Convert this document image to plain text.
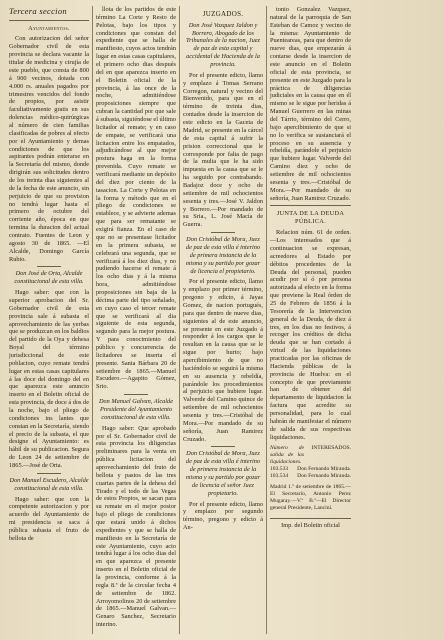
Tercera seccion
Ayuntamientos.

Con autorizacion del señor Gobernador civil de esta provincia se declara vacante la titular de medicina y cirujía de este pueblo, que consta de 800 á 900 vecinos, dotada con 4.000 rs. anuales pagados por trimestres vencidos del fondo de propios, por asistir facultativamente gratis en sus dolencias médico-quirúrgicas al número de cien familias clasificadas de pobres al efecto por el Ayuntamiento y demas condiciones de que los aspirantes podrán enterarse en la Secretaría del mismo, donde dirigirán sus solicitudes dentro de los treinta dias siguientes al de la fecha de este anuncio, sin perjuicio de que su provision no tendrá lugar hasta el primero de octubre del corriente año, época en que termina la duracion del actual contrato. Fuentes de Leon y agosto 30 de 1865. —El Alcalde, Domingo García Rubio.

Don José de Orta, Alcalde constitucional de esta villa.

Hago saber: que con la superior aprobacion del Sr. Gobernador civil de esta provincia sale á subasta el aprovechamiento de las yerbas que se produzcan en los baldios del partido de la Oya y dehesa Boyal del término jurisdiccional de este poblacion, cuyo remate tendrá lugar en estas casas capitulares á las doce del domingo del en que aparezca este anuncio inserto en el Boletin oficial de esta provincia, de doce á dos de la noche, bajo el pliego de condiciones ins lantes que constan en la Secretaría, siendo el precio de la subasta, el que designe el Ayuntamiento: es hábil de su publicacion. Segura de Leon 24 de setiembre de 1865.—José de Orta.

Don Manuel Escudero, Alcalde constitucional de esta villa.

Hago saber: que con la competente autorizacion y por acuerdo del Ayuntamiento de mi presidencia se saca á pública subasta el fruto de bellota de

llota de los partidos de este término La Corte y Resto de Pelotas, bajo los tipos y condiciones que constan del expediente que se halla de manifiesto, cuyos actos tendrán lugar en estas casas capitulares, el primero ocho dias después del en que aparezca inserto en el Boletin oficial de la provincia, á las once de la noche, admitiéndose proposiciones siempre que cubran la cantidad por que sale á subasta, siguiéndose el último licitador al remate; y en caso de empate, se verificará una licitacion entre los empatados, adjudicándose al que mejor postura haga en la forma prevenida. Cuyo remate se verificará mediante un depósito del diez por ciento de la tasacion. La Corte y Pelotas en la forma y método que en el pliego de condiciones se establece, y se advierte ademas que para ser rematante se exigirá fianza. En el caso de que no se presentase licitador en la primera subasta, se celebrará una segunda, que se verificará á los diez dias, y no pudiendo hacerse el remate á los ocho dias y á la misma hora, admitiéndose proposiciones sin baja de la décima parte del tipo señalado, en cuyo caso el tercer remate que se verificará al dia siguiente de esta segunda, segundo para la mejor postura. Y para conocimiento del público y concurrencia de licitadores se inserta el presente. Santa Bárbara 20 de setiembre de 1865.—Manuel Escudero.—Agapito Gómez, Srio.

Don Manuel Galvan, Alcalde Presidente del Ayuntamiento constitucional de esta villa.

Hago saber: Que aprobado por el Sr. Gobernador civil de esta provincia los diligencias preliminares para la venta en pública licitacion del aprovechamiento del fruto de bellota y pastos de las tres cuartas partes de la dehesa del Tirado y el todo de las Vegas de estos Propios, se sacan para su remate en el mejor postor bajo el pliego de condiciones que estará unido á dichos expedientes y que se halla de manifiesto en la Secretaría de este Ayuntamiento, cuyo acto tendrá lugar á los ocho dias del en que aparezca el presente inserto en el Boletin oficial de la provincia, conforme á la regla 8.ª de la circular fecha 4 de setiembre de 1862. Arroyomolinos 20 de setiembre de 1865.—Manuel Galvan.—Genaro Sanchez, Secretario interino.

JUZGADOS.

Don José Vazquez Jaldon y Borrero, Abogado de los Tribunales de la nacion, Juez de paz de esta capital y accidental de Hacienda de la provincia.

Por el presente edicto, llamo y emplazo á Tomas Serrano Corregon, natural y vecino del Bienvenido, para que en el término de treinta dias, contados desde la insercion de este edicto en la Gaceta de Madrid, se presente en la cárcel de esta capital á sufrir la prision correccional que le corresponde por falta de pago de la multa que le ha sido impuesta en la causa que se le ha seguido por contrabando. Badajoz doce y ocho de setiembre de mil ochocientos sesenta y tres.—José V. Jaldon y Borrero.—Por mandado de su Sria., L. José Macía de Guerra.

Don Cristóbal de Mora, Juez de paz de esta villa é interino de primera instancia de la misma y su partido por gozar de licencia el propietario.

Por el presente edicto, llamo y emplazo por primer término, pregono y edicto, á Jayas Gomez, de nacion portugués, para que dentro de nueve dias, siguientes al de este anuncio, se presente en este Juzgado á responder á los cargos que le resultan en la causa que se le sigue por hurto; bajo apercibimiento de que no haciéndolo se seguirá la misma en su ausencia y rebeldía, parándole los procedimientos al perjuicio que hubiere lugar. Valverde del Camino quince de setiembre de mil ochocientos sesenta y tres.—Cristóbal de Mora.—Por mandado de su señoría, Juan Ramirez Cruzado.

Don Cristóbal de Mora, Juez de paz de esta villa é interino de primera instancia de la misma y su partido por gozar de licencia el señor Juez propietario.

Por el presente edicto, llamo y emplazo por segundo término, pregono y edicto á An-

tonio Gonzalez Vazquez, natural de la parroquia de San Esteban de Camoz y vecino de la misma: Ayuntamiento de Puenteareas, para que dentro de nueve dias, que empezarán á contarse desde la insercion de este anuncio en el Boletin oficial de esta provincia, se presente en este Juzgado para la práctica de diligencias judiciales en la causa que en él mismo se le sigue por heridas á Manuel Guerrero en las minas del Tárrio, término del Cerro, bajo apercibimiento de que si no lo verifica se sustanciará el proceso en su ausencia y rebeldía, parándole el perjuicio que hubiere lugar. Valverde del Camino diez y ocho de setiembre de mil ochocientos sesenta y tres.—Cristóbal de Mora.—Por mandado de su señoría, Juan Ramirez Cruzado.

JUNTA DE LA DEUDA PÚBLICA.

Relacion núm. 61 de orden.—Los interesados que á continuacion se expresan, acreedores al Estado por débitos procedentes de la Deuda del personal, pueden acudir por sí ó por persona autorizada al efecto en la forma que previene la Real órden de 25 de Febrero de 1856 á la Tesorería de la Intervencion general de la Deuda, de diez á tres, en los dias no festivos, á recoger los créditos de dicha deuda que se han cortado á virtud de las liquidaciones practicadas por las oficinas de Hacienda públicas de la provincia de Huelva: en el concepto de que previamente han de obtener del departamento de liquidacion la factura que acredite su personalidad, para lo cual habrán de manifestar el número de salida de sus respectivas liquidaciones.

Número de salida de las liquidaciones.
INTERESADOS.
103.533 Don Fernando Miranda.
103.534 Don Fernando Miranda.

Madrid 1.º de setiembre de 1865.—El Secretario, Antonio Perez Mugaray.—V.º B.º—El Director general Presidente, Lancini.

Imp. del Boletin oficial
